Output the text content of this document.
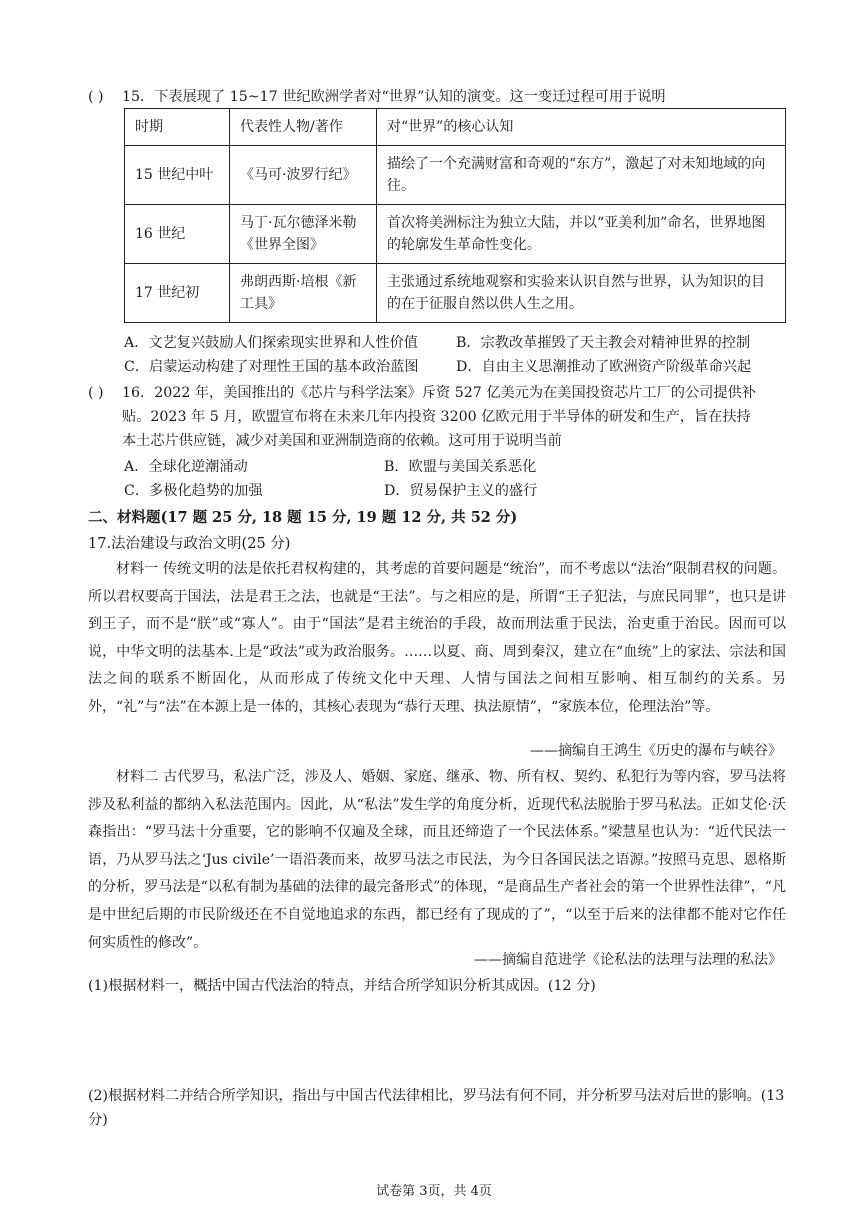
( ) 15．下表展现了 15~17 世纪欧洲学者对“世界”认知的演变。这一变迁过程可用于说明
时期	代表性人物/著作	对“世界”的核心认知
15 世纪中叶	《马可·波罗行纪》	描绘了一个充满财富和奇观的“东方”，激起了对未知地域的向往。
16 世纪	马丁·瓦尔德泽米勒《世界全图》	首次将美洲标注为独立大陆，并以“亚美利加”命名，世界地图的轮廓发生革命性变化。
17 世纪初	弗朗西斯·培根《新工具》	主张通过系统地观察和实验来认识自然与世界，认为知识的目的在于征服自然以供人生之用。
A．文艺复兴鼓励人们探索现实世界和人性价值	B．宗教改革摧毁了天主教会对精神世界的控制
C．启蒙运动构建了对理性王国的基本政治蓝图	D．自由主义思潮推动了欧洲资产阶级革命兴起
( ) 16．2022 年，美国推出的《芯片与科学法案》斥资 527 亿美元为在美国投资芯片工厂的公司提供补
贴。2023 年 5 月，欧盟宣布将在未来几年内投资 3200 亿欧元用于半导体的研发和生产，旨在扶持
本土芯片供应链，减少对美国和亚洲制造商的依赖。这可用于说明当前
A．全球化逆潮涌动	B．欧盟与美国关系恶化
C．多极化趋势的加强	D．贸易保护主义的盛行
二、材料题(17 题 25 分, 18 题 15 分, 19 题 12 分, 共 52 分)
17.法治建设与政治文明(25 分)
材料一 传统文明的法是依托君权构建的，其考虑的首要问题是“统治”，而不考虑以“法治”限制君权的问题。所以君权要高于国法，法是君王之法，也就是“王法”。与之相应的是，所谓“王子犯法，与庶民同罪”，也只是讲到王子，而不是“朕”或“寡人”。由于“国法”是君主统治的手段，故而刑法重于民法，治吏重于治民。因而可以说，中华文明的法基本.上是“政法”或为政治服务。……以夏、商、周到秦汉，建立在“血统”上的家法、宗法和国法之间的联系不断固化，从而形成了传统文化中天理、人情与国法之间相互影响、相互制约的关系。另外，“礼”与“法”在本源上是一体的，其核心表现为“恭行天理、执法原情”，“家族本位，伦理法治”等。
——摘编自王鸿生《历史的瀑布与峡谷》
材料二 古代罗马，私法广泛，涉及人、婚姻、家庭、继承、物、所有权、契约、私犯行为等内容，罗马法将涉及私利益的都纳入私法范围内。因此，从“私法”发生学的角度分析，近现代私法脱胎于罗马私法。正如艾伦·沃森指出：“罗马法十分重要，它的影响不仅遍及全球，而且还缔造了一个民法体系。”梁慧星也认为：“近代民法一语，乃从罗马法之‘Jus civile’一语沿袭而来，故罗马法之市民法，为今日各国民法之语源。”按照马克思、恩格斯的分析，罗马法是“以私有制为基础的法律的最完备形式”的体现，“是商品生产者社会的第一个世界性法律”，“凡是中世纪后期的市民阶级还在不自觉地追求的东西，都已经有了现成的了”，“以至于后来的法律都不能对它作任何实质性的修改”。
——摘编自范进学《论私法的法理与法理的私法》
(1)根据材料一，概括中国古代法治的特点，并结合所学知识分析其成因。(12 分)
(2)根据材料二并结合所学知识，指出与中国古代法律相比，罗马法有何不同，并分析罗马法对后世的影响。(13 分)
试卷第 3页，共 4页
